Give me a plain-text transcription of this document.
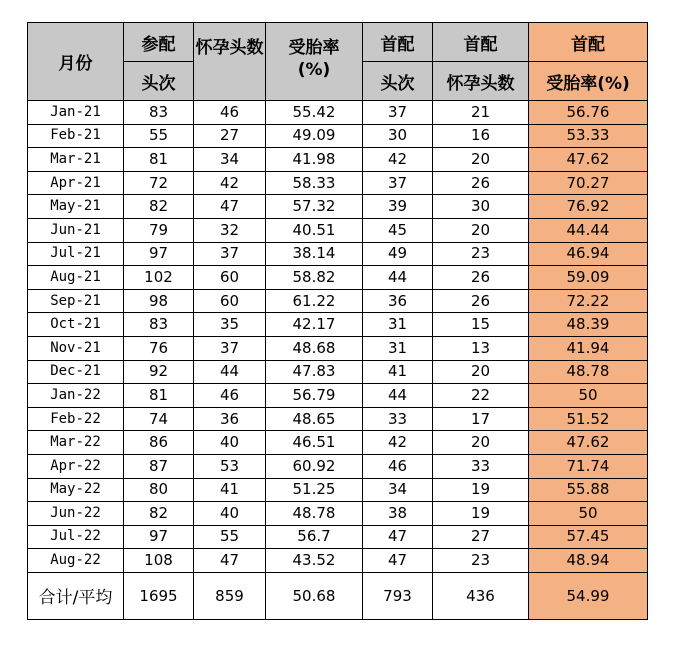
月份	参配	怀孕头数	受胎率(%)	首配	首配	首配
	头次			头次	怀孕头数	受胎率(%)
Jan-21	83	46	55.42	37	21	56.76
Feb-21	55	27	49.09	30	16	53.33
Mar-21	81	34	41.98	42	20	47.62
Apr-21	72	42	58.33	37	26	70.27
May-21	82	47	57.32	39	30	76.92
Jun-21	79	32	40.51	45	20	44.44
Jul-21	97	37	38.14	49	23	46.94
Aug-21	102	60	58.82	44	26	59.09
Sep-21	98	60	61.22	36	26	72.22
Oct-21	83	35	42.17	31	15	48.39
Nov-21	76	37	48.68	31	13	41.94
Dec-21	92	44	47.83	41	20	48.78
Jan-22	81	46	56.79	44	22	50
Feb-22	74	36	48.65	33	17	51.52
Mar-22	86	40	46.51	42	20	47.62
Apr-22	87	53	60.92	46	33	71.74
May-22	80	41	51.25	34	19	55.88
Jun-22	82	40	48.78	38	19	50
Jul-22	97	55	56.7	47	27	57.45
Aug-22	108	47	43.52	47	23	48.94
合计/平均	1695	859	50.68	793	436	54.99
